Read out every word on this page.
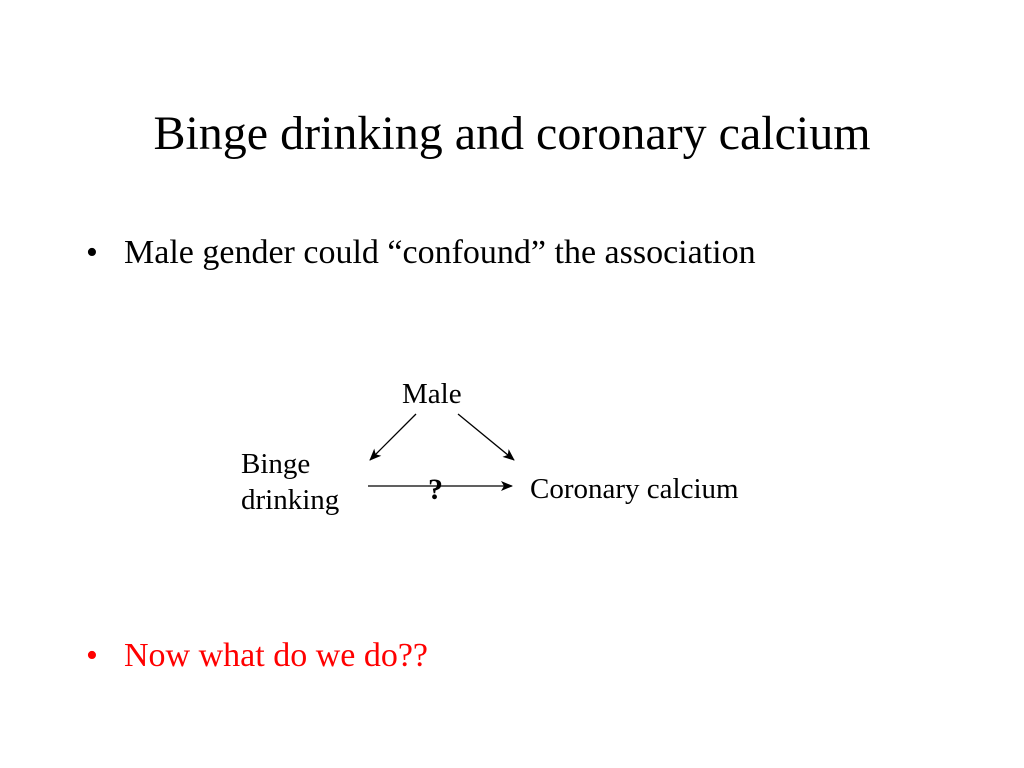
Binge drinking and coronary calcium
• Male gender could “confound” the association
Male
Binge
drinking	?	Coronary calcium
• Now what do we do??
